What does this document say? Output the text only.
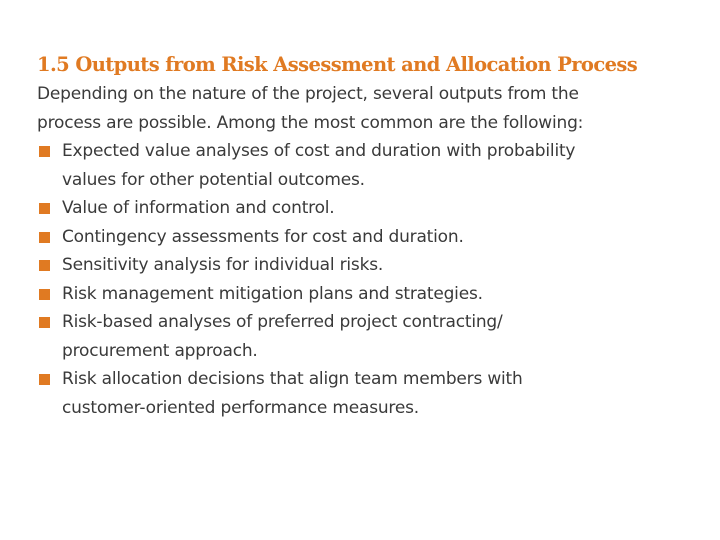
1.5 Outputs from Risk Assessment and Allocation Process

Depending on the nature of the project, several outputs from the process are possible. Among the most common are the following:

Expected value analyses of cost and duration with probability values for other potential outcomes.
Value of information and control.
Contingency assessments for cost and duration.
Sensitivity analysis for individual risks.
Risk management mitigation plans and strategies.
Risk-based analyses of preferred project contracting/ procurement approach.
Risk allocation decisions that align team members with customer-oriented performance measures.
